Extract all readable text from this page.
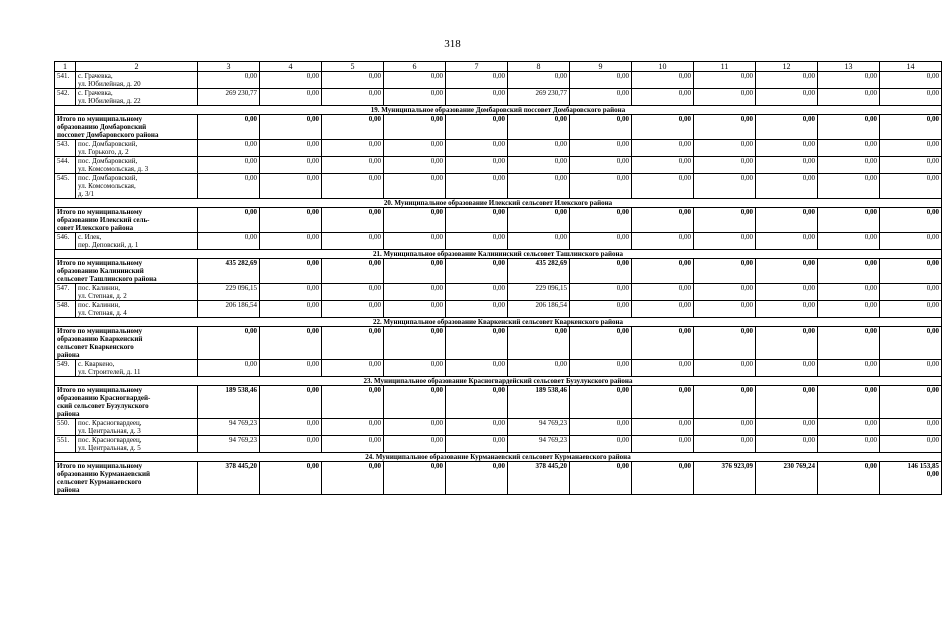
318
1	2	3	4	5	6	7	8	9	10	11	12	13	14
541.	с. Грачевка,
ул. Юбилейная, д. 20	0,00	0,00	0,00	0,00	0,00	0,00	0,00	0,00	0,00	0,00	0,00	0,00
542.	с. Грачевка,
ул. Юбилейная, д. 22	269 230,77	0,00	0,00	0,00	0,00	269 230,77	0,00	0,00	0,00	0,00	0,00	0,00
19. Муниципальное образование Домбаровский поссовет Домбаровского района													

Итого по муниципальному
образованию Домбаровский
поссовет Домбаровского района		0,00	0,00	0,00	0,00	0,00	0,00	0,00	0,00	0,00	0,00	0,00	0,00
543.	пос. Домбаровский,
ул. Горького, д. 2	0,00	0,00	0,00	0,00	0,00	0,00	0,00	0,00	0,00	0,00	0,00	0,00
544.	пос. Домбаровский,
ул. Комсомольская, д. 3	0,00	0,00	0,00	0,00	0,00	0,00	0,00	0,00	0,00	0,00	0,00	0,00
545.	пос. Домбаровский,
ул. Комсомольская,
д. 3/1	0,00	0,00	0,00	0,00	0,00	0,00	0,00	0,00	0,00	0,00	0,00	0,00
20. Муниципальное образование Илекский сельсовет Илекского района													

Итого по муниципальному
образованию Илекский сель-
совет Илекского района		0,00	0,00	0,00	0,00	0,00	0,00	0,00	0,00	0,00	0,00	0,00	0,00
546.	с. Илек,
пер. Деповский, д. 1	0,00	0,00	0,00	0,00	0,00	0,00	0,00	0,00	0,00	0,00	0,00	0,00
21. Муниципальное образование Калининский сельсовет Ташлинского района													

Итого по муниципальному
образованию Калининский
сельсовет Ташлинского района		435 282,69	0,00	0,00	0,00	0,00	435 282,69	0,00	0,00	0,00	0,00	0,00	0,00
547.	пос. Калинин,
ул. Степная, д. 2	229 096,15	0,00	0,00	0,00	0,00	229 096,15	0,00	0,00	0,00	0,00	0,00	0,00
548.	пос. Калинин,
ул. Степная, д. 4	206 186,54	0,00	0,00	0,00	0,00	206 186,54	0,00	0,00	0,00	0,00	0,00	0,00
22. Муниципальное образование Кваркенский сельсовет Кваркенского района													

Итого по муниципальному
образованию Кваркенский
сельсовет Кваркенского
района		0,00	0,00	0,00	0,00	0,00	0,00	0,00	0,00	0,00	0,00	0,00	0,00
549.	с. Кваркено,
ул. Строителей, д. 11	0,00	0,00	0,00	0,00	0,00	0,00	0,00	0,00	0,00	0,00	0,00	0,00
23. Муниципальное образование Красногвардейский сельсовет Бузулукского района													

Итого по муниципальному
образованию Красногвардей-
ский сельсовет Бузулукского
района		189 538,46	0,00	0,00	0,00	0,00	189 538,46	0,00	0,00	0,00	0,00	0,00	0,00
550.	пос. Красногвардеец,
ул. Центральная, д. 3	94 769,23	0,00	0,00	0,00	0,00	94 769,23	0,00	0,00	0,00	0,00	0,00	0,00
551.	пос. Красногвардеец,
ул. Центральная, д. 5	94 769,23	0,00	0,00	0,00	0,00	94 769,23	0,00	0,00	0,00	0,00	0,00	0,00
24. Муниципальное образование Курманаевский сельсовет Курманаевского района													

Итого по муниципальному
образованию Курманаевский
сельсовет Курманаевского
района		378 445,20	0,00	0,00	0,00	0,00	378 445,20	0,00	0,00	376 923,09	230 769,24	0,00	146 153,85
0,00
